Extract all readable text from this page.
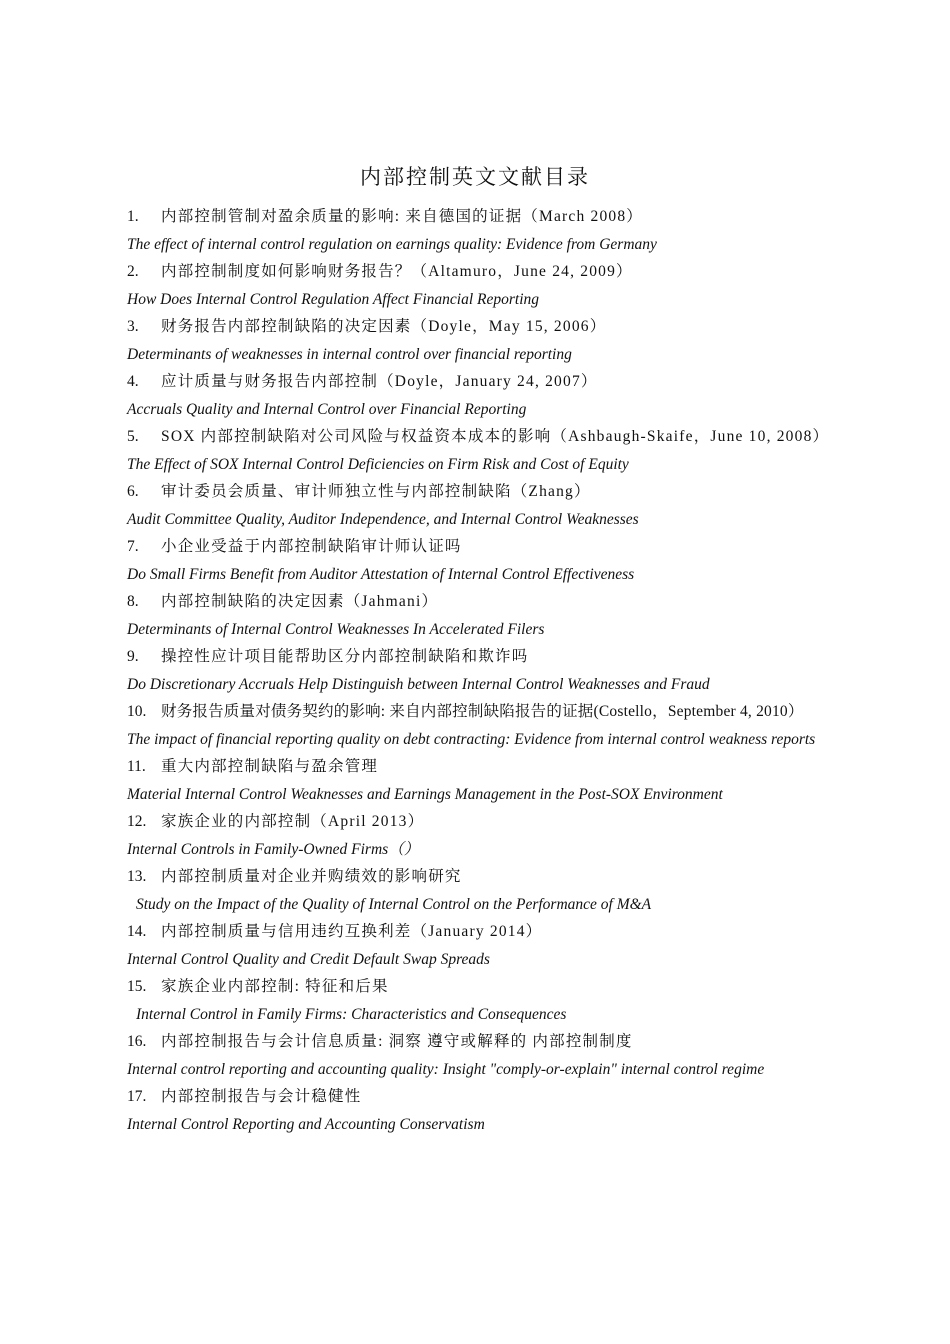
内部控制英文文献目录
1.	内部控制管制对盈余质量的影响: 来自德国的证据（March 2008）
The effect of internal control regulation on earnings quality: Evidence from Germany
2.	内部控制制度如何影响财务报告？（Altamuro，June 24, 2009）
How Does Internal Control Regulation Affect Financial Reporting
3.	财务报告内部控制缺陷的决定因素（Doyle，May 15, 2006）
Determinants of weaknesses in internal control over financial reporting
4.	应计质量与财务报告内部控制（Doyle，January 24, 2007）
Accruals Quality and Internal Control over Financial Reporting
5.	SOX 内部控制缺陷对公司风险与权益资本成本的影响（Ashbaugh-Skaife，June 10, 2008）
The Effect of SOX Internal Control Deficiencies on Firm Risk and Cost of Equity
6.	审计委员会质量、审计师独立性与内部控制缺陷（Zhang）
Audit Committee Quality, Auditor Independence, and Internal Control Weaknesses
7.	小企业受益于内部控制缺陷审计师认证吗
Do Small Firms Benefit from Auditor Attestation of Internal Control Effectiveness
8.	内部控制缺陷的决定因素（Jahmani）
Determinants of Internal Control Weaknesses In Accelerated Filers
9.	操控性应计项目能帮助区分内部控制缺陷和欺诈吗
Do Discretionary Accruals Help Distinguish between Internal Control Weaknesses and Fraud
10. 财务报告质量对债务契约的影响: 来自内部控制缺陷报告的证据(Costello，September 4, 2010）
The impact of financial reporting quality on debt contracting: Evidence from internal control weakness reports
11. 重大内部控制缺陷与盈余管理
Material Internal Control Weaknesses and Earnings Management in the Post-SOX Environment
12. 家族企业的内部控制（April 2013）
Internal Controls in Family-Owned Firms（）
13. 内部控制质量对企业并购绩效的影响研究
Study on the Impact of the Quality of Internal Control on the Performance of M&A
14. 内部控制质量与信用违约互换利差（January 2014）
Internal Control Quality and Credit Default Swap Spreads
15. 家族企业内部控制: 特征和后果
Internal Control in Family Firms: Characteristics and Consequences
16. 内部控制报告与会计信息质量: 洞察 遵守或解释的 内部控制制度
Internal control reporting and accounting quality: Insight "comply-or-explain" internal control regime
17. 内部控制报告与会计稳健性
Internal Control Reporting and Accounting Conservatism
